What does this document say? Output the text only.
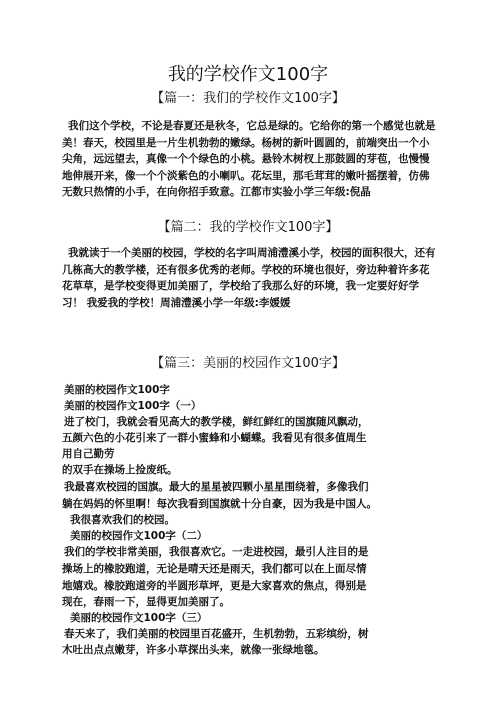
我的学校作文100字
【篇一：我们的学校作文100字】

我们这个学校，不论是春夏还是秋冬，它总是绿的。它给你的第一个感觉也就是美！春天，校园里是一片生机勃勃的嫩绿。杨树的新叶圆圆的，前端突出一个小尖角，远远望去，真像一个个绿色的小桃。悬铃木树杈上那鼓圆的芽苞，也慢慢地伸展开来，像一个个淡紫色的小喇叭。花坛里，那毛茸茸的嫩叶摇摆着，仿佛无数只热情的小手，在向你招手致意。江都市实验小学三年级:倪晶

【篇二：我的学校作文100字】

我就读于一个美丽的校园，学校的名字叫周浦澧溪小学，校园的面积很大，还有几栋高大的教学楼，还有很多优秀的老师。学校的环境也很好，旁边种着许多花花草草，是学校变得更加美丽了，学校给了我那么好的环境，我一定要好好学习！ 我爱我的学校！周浦澧溪小学一年级:李媛媛

【篇三：美丽的校园作文100字】
美丽的校园作文100字
美丽的校园作文100字（一）
进了校门，我就会看见高大的教学楼，鲜红鲜红的国旗随风飘动，
五颜六色的小花引来了一群小蜜蜂和小蝴蝶。我看见有很多值周生
用自己勤劳
的双手在操场上捡废纸。
我最喜欢校园的国旗。最大的星星被四颗小星星围绕着，多像我们
躺在妈妈的怀里啊！每次我看到国旗就十分自豪，因为我是中国人。
我很喜欢我们的校园。
美丽的校园作文100字（二）
我们的学校非常美丽，我很喜欢它。一走进校园，最引人注目的是
操场上的橡胶跑道，无论是晴天还是雨天，我们都可以在上面尽情
地嬉戏。橡胶跑道旁的半圆形草坪，更是大家喜欢的焦点，得别是
现在，春雨一下，显得更加美丽了。
美丽的校园作文100字（三）
春天来了，我们美丽的校园里百花盛开，生机勃勃，五彩缤纷，树
木吐出点点嫩芽，许多小草探出头来，就像一张绿地毯。
